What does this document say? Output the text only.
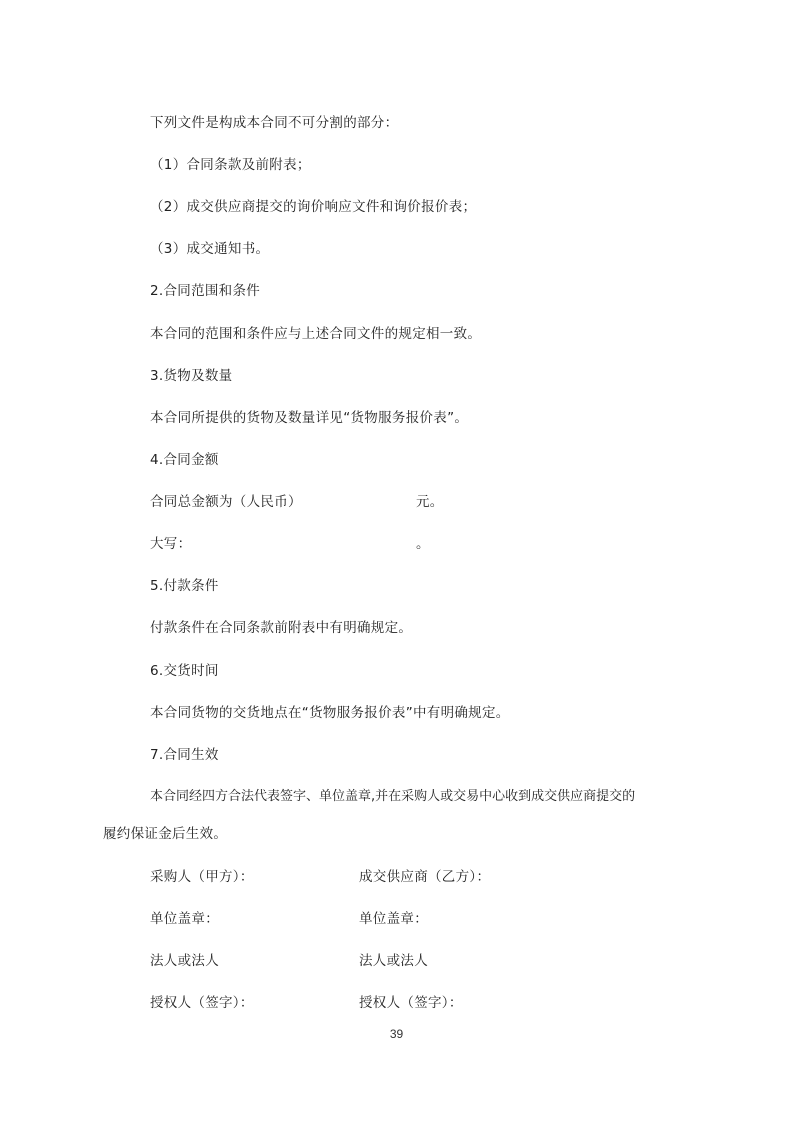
下列文件是构成本合同不可分割的部分：
（1）合同条款及前附表；
（2）成交供应商提交的询价响应文件和询价报价表；
（3）成交通知书。
2.合同范围和条件
本合同的范围和条件应与上述合同文件的规定相一致。
3.货物及数量
本合同所提供的货物及数量详见“货物服务报价表”。
4.合同金额
合同总金额为（人民币）	元。
大写：	。
5.付款条件
付款条件在合同条款前附表中有明确规定。
6.交货时间
本合同货物的交货地点在“货物服务报价表”中有明确规定。
7.合同生效
本合同经四方合法代表签字、单位盖章,并在采购人或交易中心收到成交供应商提交的
履约保证金后生效。
采购人（甲方）：	成交供应商（乙方）：
单位盖章：	单位盖章：
法人或法人	法人或法人
授权人（签字）：	授权人（签字）：
39
